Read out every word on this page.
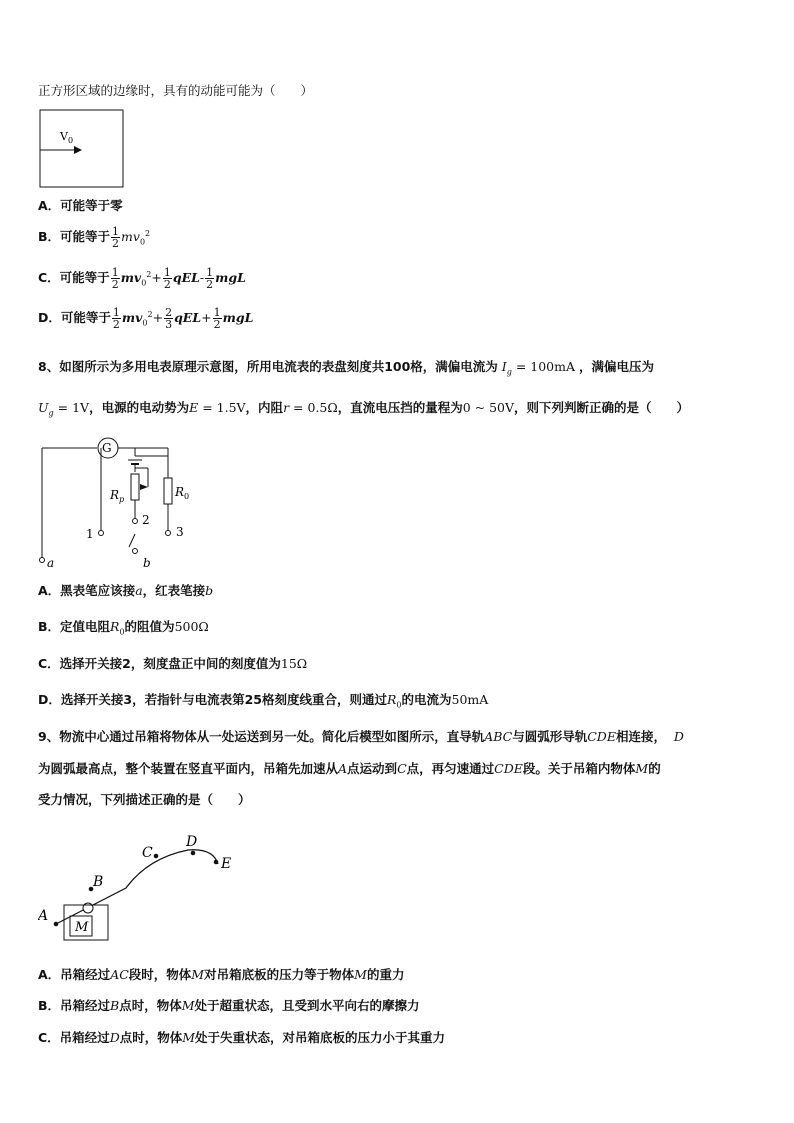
正方形区域的边缘时，具有的动能可能为（　　）
V 0
A．可能等于零
B．可能等于 $\frac{1}{2} mv_0^2$
C．可能等于 $\frac{1}{2} mv_0^2+ \frac{1}{2} qEL- \frac{1}{2}$ mgL
D．可能等于 $\frac{1}{2} mv_0^2+ \frac{2}{3} qEL+ \frac{1}{2}$ mgL
8、如图所示为多用电表原理示意图，所用电流表的表盘刻度共100格，满偏电流为 $I_g = 100mA$ ，满偏电压为
$U_g = 1V$，电源的电动势为E = 1.5V，内阻r = 0.5Ω，直流电压挡的量程为0 ~ 50V，则下列判断正确的是（　　）
G
a
1
R p
2
R 0
3
b
A．黑表笔应该接a，红表笔接b
B．定值电阻$R_0$的阻值为500Ω
C．选择开关接2，刻度盘正中间的刻度值为15Ω
D．选择开关接3，若指针与电流表第25格刻度线重合，则通过$R_0$的电流为50mA
9、物流中心通过吊箱将物体从一处运送到另一处。简化后模型如图所示，直导轨ABC与圆弧形导轨CDE相连接， D
为圆弧最高点，整个装置在竖直平面内，吊箱先加速从A点运动到C点，再匀速通过CDE段。关于吊箱内物体M的
受力情况，下列描述正确的是（　　）
A
B
C
D
E
M
A．吊箱经过AC段时，物体M对吊箱底板的压力等于物体M的重力
B．吊箱经过B点时，物体M处于超重状态，且受到水平向右的摩擦力
C．吊箱经过D点时，物体M处于失重状态，对吊箱底板的压力小于其重力
